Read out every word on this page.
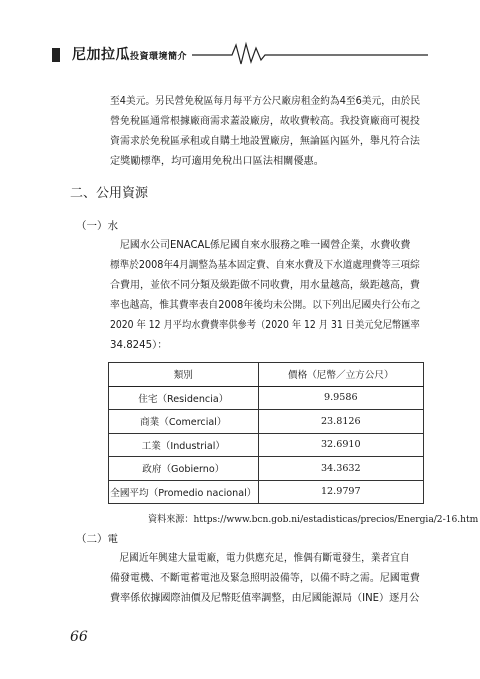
尼加拉瓜投資環境簡介
至4美元。另民營免稅區每月每平方公尺廠房租金約為4至6美元，由於民
營免稅區通常根據廠商需求蓋設廠房，故收費較高。我投資廠商可視投
資需求於免稅區承租或自購土地設置廠房，無論區內區外，舉凡符合法
定獎勵標準，均可適用免稅出口區法相關優惠。
二、公用資源
（一）水
尼國水公司ENACAL係尼國自來水服務之唯一國營企業，水費收費
標準於2008年4月調整為基本固定費、自來水費及下水道處理費等三項綜
合費用，並依不同分類及級距做不同收費，用水量越高，級距越高，費
率也越高，惟其費率表自2008年後均未公開。以下列出尼國央行公布之
2020 年 12 月平均水費費率供參考（2020 年 12 月 31 日美元兌尼幣匯率
34.8245）：
類別	價格（尼幣／立方公尺）
住宅（Residencia）	9.9586
商業（Comercial）	23.8126
工業（Industrial）	32.6910
政府（Gobierno）	34.3632
全國平均（Promedio nacional）	12.9797
資料來源：https://www.bcn.gob.ni/estadisticas/precios/Energia/2-16.htm
（二）電
尼國近年興建大量電廠，電力供應充足，惟偶有斷電發生，業者宜自
備發電機、不斷電蓄電池及緊急照明設備等，以備不時之需。尼國電費
費率係依據國際油價及尼幣貶值率調整，由尼國能源局（INE）逐月公
66
